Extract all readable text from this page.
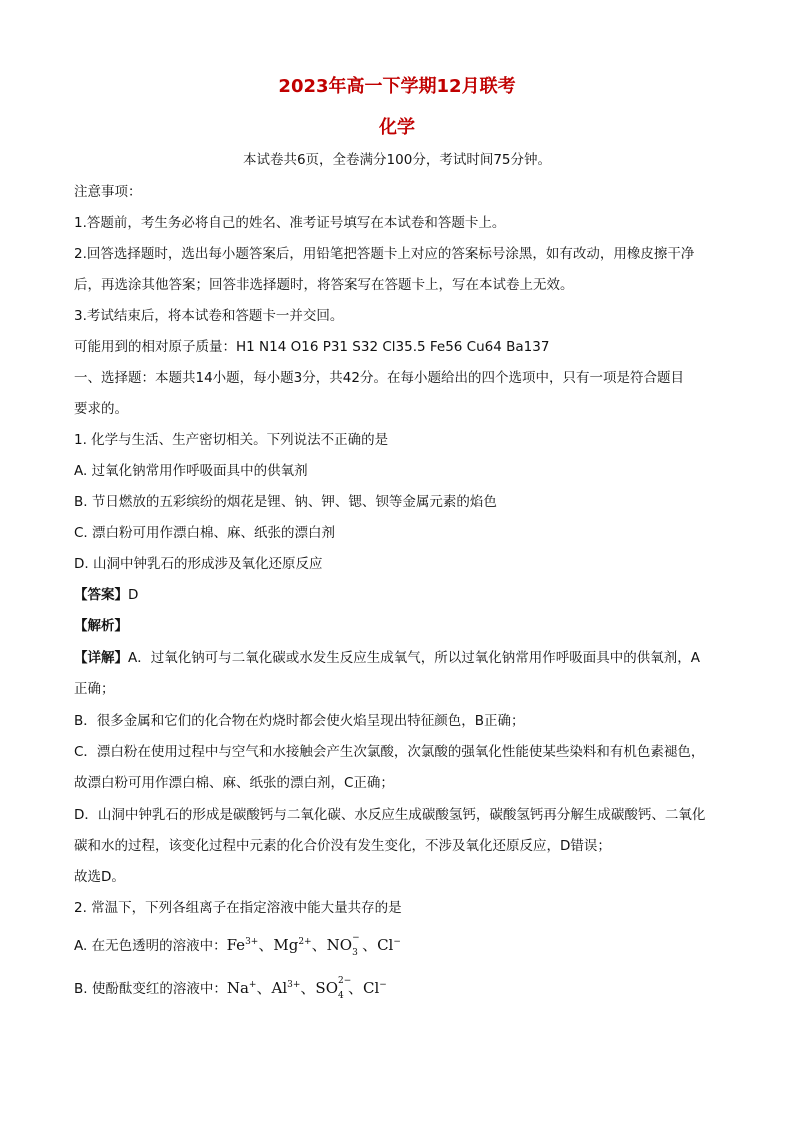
2023年高一下学期12月联考
化学
本试卷共6页，全卷满分100分，考试时间75分钟。
注意事项：
1.答题前，考生务必将自己的姓名、准考证号填写在本试卷和答题卡上。
2.回答选择题时，选出每小题答案后，用铅笔把答题卡上对应的答案标号涂黑，如有改动，用橡皮擦干净
后，再选涂其他答案；回答非选择题时，将答案写在答题卡上，写在本试卷上无效。
3.考试结束后，将本试卷和答题卡一并交回。
可能用到的相对原子质量：H1 N14 O16 P31 S32 Cl35.5 Fe56 Cu64 Ba137
一、选择题：本题共14小题，每小题3分，共42分。在每小题给出的四个选项中，只有一项是符合题目
要求的。
1. 化学与生活、生产密切相关。下列说法不正确的是
A. 过氧化钠常用作呼吸面具中的供氧剂
B. 节日燃放的五彩缤纷的烟花是锂、钠、钾、锶、钡等金属元素的焰色
C. 漂白粉可用作漂白棉、麻、纸张的漂白剂
D. 山洞中钟乳石的形成涉及氧化还原反应
【答案】D
【解析】
【详解】A．过氧化钠可与二氧化碳或水发生反应生成氧气，所以过氧化钠常用作呼吸面具中的供氧剂，A
正确；
B．很多金属和它们的化合物在灼烧时都会使火焰呈现出特征颜色，B正确；
C．漂白粉在使用过程中与空气和水接触会产生次氯酸，次氯酸的强氧化性能使某些染料和有机色素褪色，
故漂白粉可用作漂白棉、麻、纸张的漂白剂，C正确；
D．山洞中钟乳石的形成是碳酸钙与二氧化碳、水反应生成碳酸氢钙，碳酸氢钙再分解生成碳酸钙、二氧化
碳和水的过程，该变化过程中元素的化合价没有发生变化，不涉及氧化还原反应，D错误；
故选D。
2. 常温下，下列各组离子在指定溶液中能大量共存的是
A. 在无色透明的溶液中：$Fe^{3+}$、$Mg^{2+}$、NO −
3 、Cl−
B. 使酚酞变红的溶液中：Na+、$Al^{3+}$、SO 2−
4 、Cl−
